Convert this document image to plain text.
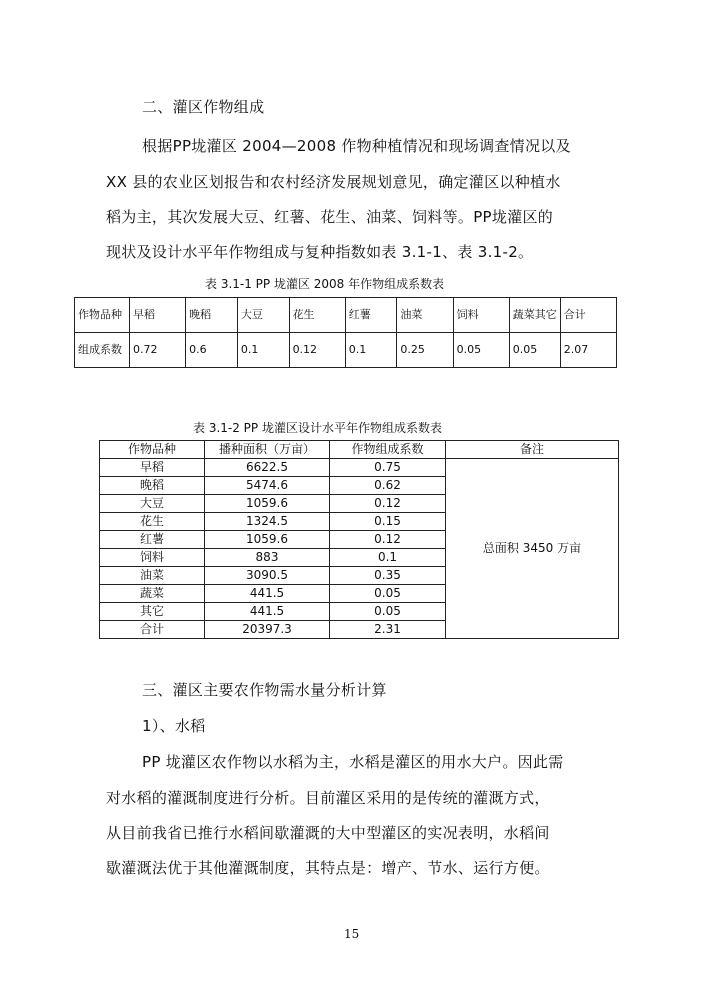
二、灌区作物组成
根据PP垅灌区 2004—2008 作物种植情况和现场调查情况以及
XX 县的农业区划报告和农村经济发展规划意见，确定灌区以种植水
稻为主，其次发展大豆、红薯、花生、油菜、饲料等。PP垅灌区的
现状及设计水平年作物组成与复种指数如表 3.1-1、表 3.1-2。
表 3.1-1 PP 垅灌区 2008 年作物组成系数表
作物品种	早稻	晚稻	大豆	花生	红薯	油菜	饲料	蔬菜其它	合计
组成系数	0.72	0.6	0.1	0.12	0.1	0.25	0.05	0.05	2.07
表 3.1-2 PP 垅灌区设计水平年作物组成系数表
作物品种	播种面积（万亩）	作物组成系数	备注
早稻	6622.5	0.75	总面积 3450 万亩
晚稻	5474.6	0.62	
大豆	1059.6	0.12	
花生	1324.5	0.15	
红薯	1059.6	0.12	
饲料	883	0.1	
油菜	3090.5	0.35	
蔬菜	441.5	0.05	
其它	441.5	0.05	
合计	20397.3	2.31	
三、灌区主要农作物需水量分析计算
1）、水稻
PP 垅灌区农作物以水稻为主，水稻是灌区的用水大户。因此需
对水稻的灌溉制度进行分析。目前灌区采用的是传统的灌溉方式，
从目前我省已推行水稻间歇灌溉的大中型灌区的实况表明，水稻间
歇灌溉法优于其他灌溉制度，其特点是：增产、节水、运行方便。
15
